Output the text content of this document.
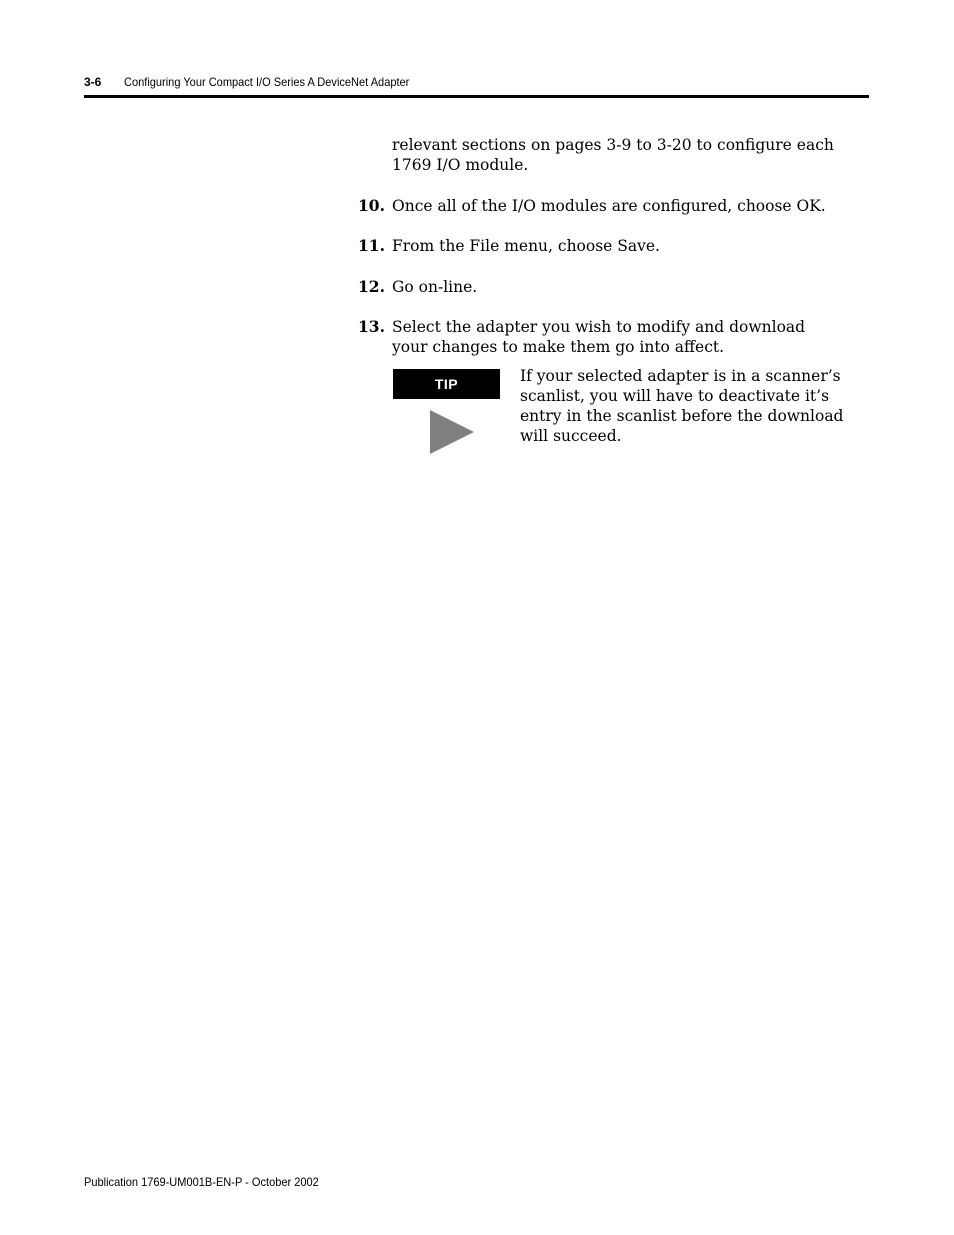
3-6 Configuring Your Compact I/O Series A DeviceNet Adapter
relevant sections on pages 3-9 to 3-20 to configure each 1769 I/O module.
10. Once all of the I/O modules are configured, choose OK.
11. From the File menu, choose Save.
12. Go on-line.
13. Select the adapter you wish to modify and download your changes to make them go into affect.
TIP	If your selected adapter is in a scanner’s scanlist, you will have to deactivate it’s entry in the scanlist before the download will succeed.
Publication 1769-UM001B-EN-P - October 2002
